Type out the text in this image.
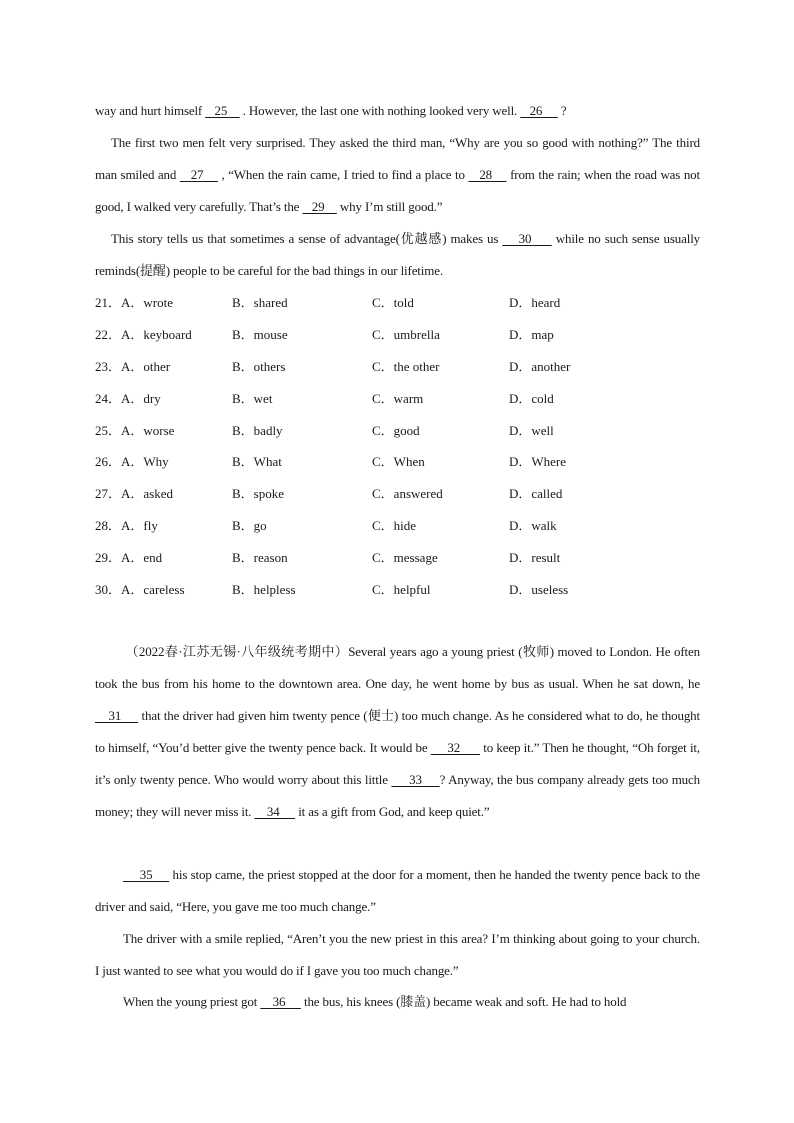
way and hurt himself    25     . However, the last one with nothing looked very well.    26      ?
The first two men felt very surprised. They asked the third man, “Why are you so good with nothing?” The third man smiled and    27     , “When the rain came, I tried to find a place to    28     from the rain; when the road was not good, I walked very carefully. That’s the    29     why I’m still good.”
This story tells us that sometimes a sense of advantage(优越感) makes us     30      while no such sense usually reminds(提醒) people to be careful for the bad things in our lifetime.
21．A．wrote	B．shared	C．told	D．heard
22．A．keyboard	B．mouse	C．umbrella	D．map
23．A．other	B．others	C．the other	D．another
24．A．dry	B．wet	C．warm	D．cold
25．A．worse	B．badly	C．good	D．well
26．A．Why	B．What	C．When	D．Where
27．A．asked	B．spoke	C．answered	D．called
28．A．fly	B．go	C．hide	D．walk
29．A．end	B．reason	C．message	D．result
30．A．careless	B．helpless	C．helpful	D．useless
（2022春·江苏无锡·八年级统考期中）Several years ago a young priest (牧师) moved to London. He often took the bus from his home to the downtown area. One day, he went home by bus as usual. When he sat down, he     31      that the driver had given him twenty pence (便士) too much change. As he considered what to do, he thought to himself, “You’d better give the twenty pence back. It would be      32       to keep it.” Then he thought, “Oh forget it, it’s only twenty pence. Who would worry about this little      33     ? Anyway, the bus company already gets too much money; they will never miss it.     34      it as a gift from God, and keep quiet.”
35      his stop came, the priest stopped at the door for a moment, then he handed the twenty pence back to the driver and said, “Here, you gave me too much change.”
The driver with a smile replied, “Aren’t you the new priest in this area? I’m thinking about going to your church. I just wanted to see what you would do if I gave you too much change.”
When the young priest got     36      the bus, his knees (膝盖) became weak and soft. He had to hold
